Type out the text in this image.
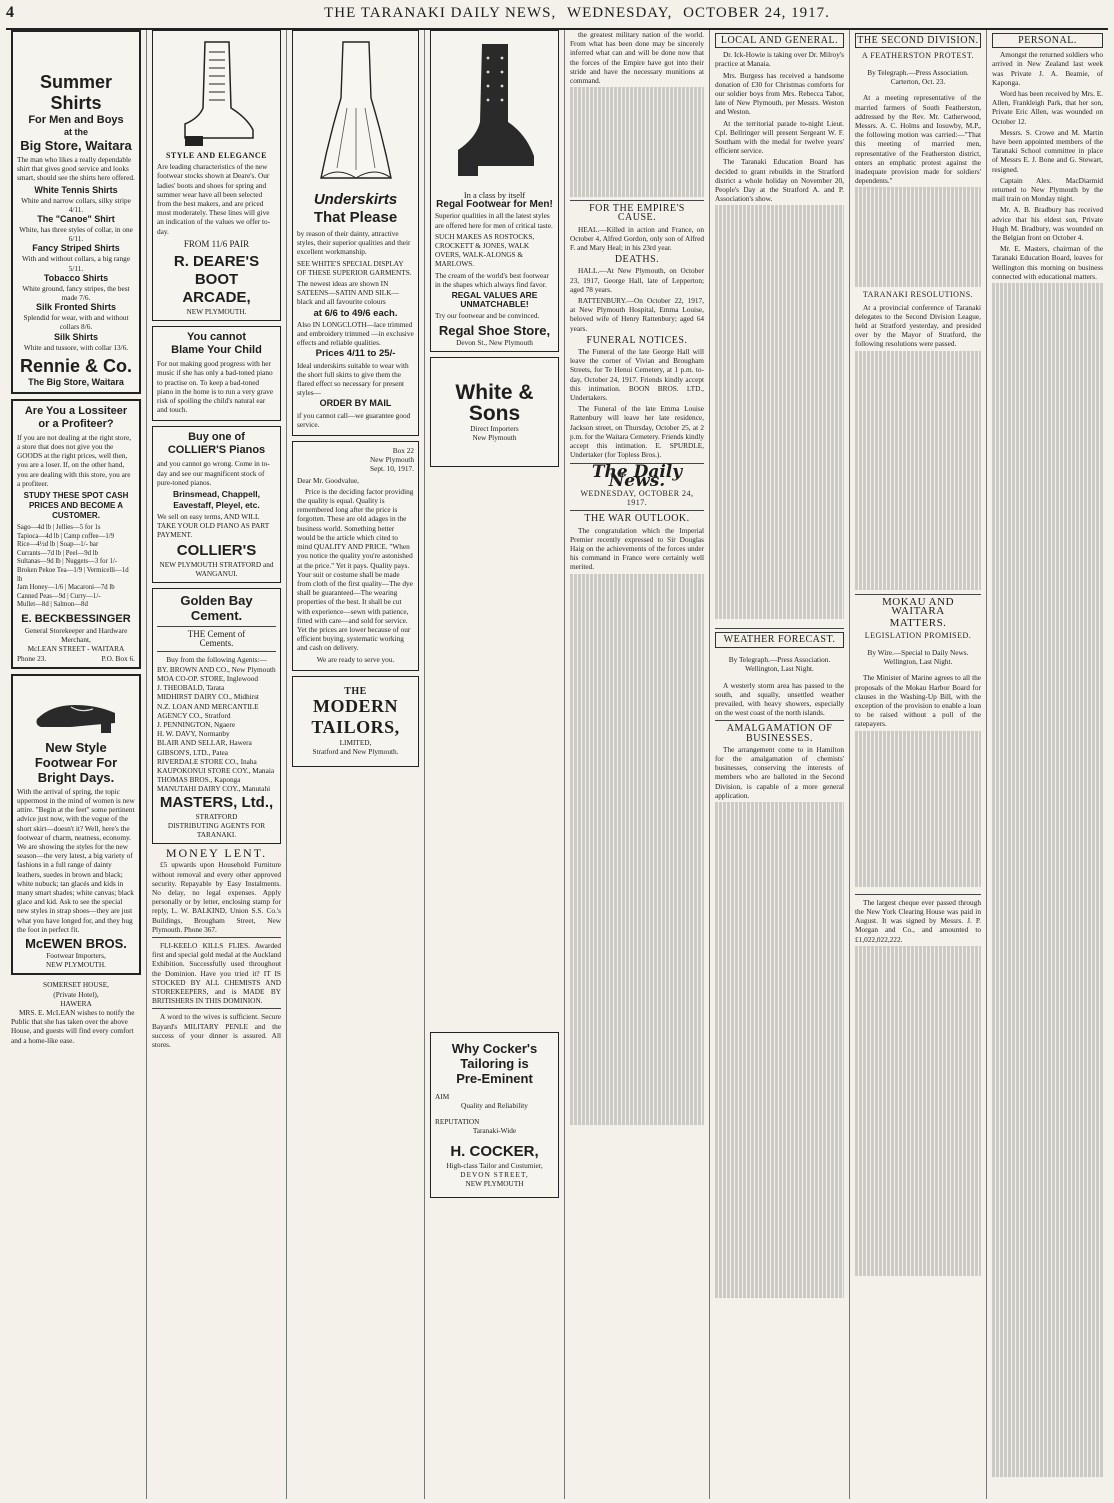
4	THE TARANAKI DAILY NEWS, WEDNESDAY, OCTOBER 24, 1917.
Summer Shirts
For Men and Boys
at the
Big Store, Waitara

The man who likes a really dependable shirt that gives good service and looks smart, should see the shirts here offered.

White Tennis Shirts
White and narrow collars, silky stripe 4/11.
The "Canoe" Shirt
White, has three styles of collar, in one 6/11.
Fancy Striped Shirts
With and without collars, a big range 5/11.
Tobacco Shirts
White ground, fancy stripes, the best made 7/6.
Silk Fronted Shirts
Splendid for wear, with and without collars 8/6.
Silk Shirts
White and tussore, with collar 13/6.
Rennie & Co.
The Big Store, Waitara
Are You a Lossiteer
or a Profiteer?

If you are not dealing at the right store, a store that does not give you the GOODS at the right prices, well then, you are a loser. If, on the other hand, you are dealing with this store, you are a profiteer.

STUDY THESE SPOT CASH PRICES AND BECOME A CUSTOMER.
Sago—4d lb | Jellies—5 for 1s
Tapioca—4d lb | Camp coffee—1/9
Rice—4½d lb | Soap—1/- bar
Currants—7d lb | Peel—9d lb
Sultanas—9d lb | Nuggets—3 for 1/-
Broken Pekoe Tea—1/9 | Vermicelli—1d lb
Jam Honey—1/6 | Macaroni—7d lb
Canned Peas—9d | Curry—1/-
Mullet—8d | Salmon—8d
E. BECKBESSINGER
General Storekeeper and Hardware Merchant,
McLEAN STREET - WAITARA
Phone 23.	P.O. Box 6.
New Style Footwear For Bright Days.

With the arrival of spring, the topic uppermost in the mind of women is new attire. "Begin at the feet" some pertinent advice just now, with the vogue of the short skirt—doesn't it? Well, here's the footwear of charm, neatness, economy. We are showing the styles for the new season—the very latest, a big variety of fashions in a full range of dainty leathers, suedes in brown and black; white nubuck; tan glacés and kids in many smart shades; white canvas; black glace and kid. Ask to see the special new styles in strap shoes—they are just what you have longed for, and they hug the foot in perfect fit.

McEWEN BROS.
Footwear Importers,
NEW PLYMOUTH.
SOMERSET HOUSE,
(Private Hotel),
HAWERA

MRS. E. McLEAN wishes to notify the Public that she has taken over the above House, and guests will find every comfort and a home-like ease.

STYLE AND ELEGANCE

Are leading characteristics of the new footwear stocks shown at Deare's. Our ladies' boots and shoes for spring and summer wear have all been selected from the best makers, and are priced most moderately. These lines will give an indication of the values we offer to-day.

FROM 11/6 PAIR
R. DEARE'S
BOOT
ARCADE,
NEW PLYMOUTH.
You cannot
Blame Your Child

For not making good progress with her music if she has only a bad-toned piano to practise on. To keep a bad-toned piano in the home is to run a very grave risk of spoiling the child's natural ear and touch.

Buy one of
COLLIER'S Pianos

and you cannot go wrong. Come in to-day and see our magnificent stock of pure-toned pianos.

Brinsmead, Chappell, Eavestaff, Pleyel, etc.

We sell on easy terms, AND WILL TAKE YOUR OLD PIANO AS PART PAYMENT.

COLLIER'S
NEW PLYMOUTH STRATFORD and WANGANUI.
Golden Bay
Cement.
THE Cement of
Cements.
Buy from the following Agents:—
BY. BROWN AND CO., New Plymouth
MOA CO-OP. STORE, Inglewood
J. THEOBALD, Tarata
MIDHIRST DAIRY CO., Midhirst
N.Z. LOAN AND MERCANTILE AGENCY CO., Stratford
J. PENNINGTON, Ngaere
H. W. DAVY, Normanby
BLAIR AND SELLAR, Hawera
GIBSON'S, LTD., Patea
RIVERDALE STORE CO., Inaha
KAUPOKONUI STORE COY., Manaia
THOMAS BROS., Kaponga
MANUTAHI DAIRY COY., Manutahi
MASTERS, Ltd.,
STRATFORD
DISTRIBUTING AGENTS FOR TARANAKI.
MONEY LENT.

£5 upwards upon Household Furniture without removal and every other approved security. Repayable by Easy Instalments. No delay, no legal expenses. Apply personally or by letter, enclosing stamp for reply, L. W. BALKIND, Union S.S. Co.'s Buildings, Brougham Street, New Plymouth. Phone 367.

FLI-KEELO KILLS FLIES. Awarded first and special gold medal at the Auckland Exhibition. Successfully used throughout the Dominion. Have you tried it? IT IS STOCKED BY ALL CHEMISTS AND STOREKEEPERS, and is MADE BY BRITISHERS IN THIS DOMINION.

A word to the wives is sufficient. Secure Bayard's MILITARY PENLE and the success of your dinner is assured. All stores.

Underskirts
That Please

by reason of their dainty, attractive styles, their superior qualities and their excellent workmanship.

SEE WHITE'S SPECIAL DISPLAY OF THESE SUPERIOR GARMENTS.

The newest ideas are shown IN SATEENS—SATIN AND SILK—black and all favourite colours

at 6/6 to 49/6 each.

Also IN LONGCLOTH—lace trimmed and embroidery trimmed —in exclusive effects and reliable qualities.

Prices 4/11 to 25/-

Ideal underskirts suitable to wear with the short full skirts to give them the flared effect so necessary for present styles—

ORDER BY MAIL

if you cannot call—we guarantee good service.

Box 22
New Plymouth
Sept. 10, 1917.

Dear Mr. Goodvalue,

Price is the deciding factor providing the quality is equal. Quality is remembered long after the price is forgotten. These are old adages in the business world. Something better would be the article which cited to mind QUALITY AND PRICE. "When you notice the quality you're astonished at the price." Yet it pays. Quality pays. Your suit or costume shall be made from cloth of the first quality—The dye shall be guaranteed—The wearing properties of the best. It shall be cut with experience—sewn with patience, fitted with care—and sold for service. Yet the prices are lower because of our efficient buying, systematic working and cash on delivery.

We are ready to serve you.

THE
MODERN
TAILORS,
LIMITED,
Stratford and New Plymouth.
In a class by itself
Regal Footwear for Men!

Superior qualities in all the latest styles are offered here for men of critical taste.

SUCH MAKES AS ROSTOCKS, CROCKETT & JONES, WALK OVERS, WALK-ALONGS & MARLOWS.

The cream of the world's best footwear in the shapes which always find favor.

REGAL VALUES ARE UNMATCHABLE!

Try our footwear and be convinced.

Regal Shoe Store,
Devon St., New Plymouth
White & Sons
Direct Importers
New Plymouth
Why Cocker's
Tailoring is
Pre-Eminent
AIM
Quality and Reliability
REPUTATION
Taranaki-Wide
H. COCKER,
High-class Tailor and Costumier,
DEVON STREET,
NEW PLYMOUTH

the greatest military nation of the world. From what has been done may be sincerely inferred what can and will be done now that the forces of the Empire have got into their stride and have the necessary munitions at command.

FOR THE EMPIRE'S CAUSE.

HEAL.—Killed in action and France, on October 4, Alfred Gordon, only son of Alfred F. and Mary Heal; in his 23rd year.

DEATHS.

HALL.—At New Plymouth, on October 23, 1917, George Hall, late of Lepperton; aged 78 years.

RATTENBURY.—On October 22, 1917, at New Plymouth Hospital, Emma Louise, beloved wife of Henry Rattenbury; aged 64 years.

FUNERAL NOTICES.

The Funeral of the late George Hall will leave the corner of Vivian and Brougham Streets, for Te Henui Cemetery, at 1 p.m. to-day, October 24, 1917. Friends kindly accept this intimation. BOON BROS. LTD., Undertakers.

The Funeral of the late Emma Louise Rattenbury will leave her late residence, Jackson street, on Thursday, October 25, at 2 p.m. for the Waitara Cemetery. Friends kindly accept this intimation. E. SPURDLE, Undertaker (for Topless Bros.).

The Daily News.
WEDNESDAY, OCTOBER 24, 1917.
THE WAR OUTLOOK.

The congratulation which the Imperial Premier recently expressed to Sir Douglas Haig on the achievements of the forces under his command in France were certainly well merited.

LOCAL AND GENERAL.

Dr. Ick-Howie is taking over Dr. Milroy's practice at Manaia.

Mrs. Burgess has received a handsome donation of £30 for Christmas comforts for our soldier boys from Mrs. Rebecca Tabor, late of New Plymouth, per Messrs. Weston and Weston.

At the territorial parade to-night Lieut. Cpl. Bellringer will present Sergeant W. F. Southam with the medal for twelve years' efficient service.

The Taranaki Education Board has decided to grant rebuilds in the Stratford district a whole holiday on November 20, People's Day at the Stratford A. and P. Association's show.

WEATHER FORECAST.

By Telegraph.—Press Association. Wellington, Last Night.

A westerly storm area has passed to the south, and squally, unsettled weather prevailed, with heavy showers, especially on the west coast of the north islands.

AMALGAMATION OF BUSINESSES.

The arrangement come to in Hamilton for the amalgamation of chemists' businesses, conserving the interests of members who are balloted in the Second Division, is capable of a more general application.

THE SECOND DIVISION.
A FEATHERSTON PROTEST.

By Telegraph.—Press Association. Carterton, Oct. 23.

At a meeting representative of the married farmers of South Featherston, addressed by the Rev. Mr. Catherwood, Messrs. A. C. Holms and Iosuwby, M.P., the following motion was carried:—"That this meeting of married men, representative of the Featherston district, enters an emphatic protest against the inadequate provision made for soldiers' dependents."

TARANAKI RESOLUTIONS.

At a provincial conference of Taranaki delegates to the Second Division League, held at Stratford yesterday, and presided over by the Mayor of Stratford, the following resolutions were passed.

MOKAU AND WAITARA
MATTERS.
LEGISLATION PROMISED.

By Wire.—Special to Daily News. Wellington, Last Night.

The Minister of Marine agrees to all the proposals of the Mokau Harbor Board for clauses in the Washing-Up Bill, with the exception of the provision to enable a loan to be raised without a poll of the ratepayers.

The largest cheque ever passed through the New York Clearing House was paid in August. It was signed by Messrs. J. P. Morgan and Co., and amounted to £1,022,022,222.

PERSONAL.

Amongst the returned soldiers who arrived in New Zealand last week was Private J. A. Beamie, of Kaponga.

Word has been received by Mrs. E. Allen, Frankleigh Park, that her son, Private Eric Allen, was wounded on October 12.

Messrs. S. Crowe and M. Martin have been appointed members of the Taranaki School committee in place of Messrs E. J. Bone and G. Stewart, resigned.

Captain Alex. MacDiarmid returned to New Plymouth by the mail train on Monday night.

Mr. A. B. Bradbury has received advice that his eldest son, Private Hugh M. Bradbury, was wounded on the Belgian front on October 4.

Mr. E. Masters, chairman of the Taranaki Education Board, leaves for Wellington this morning on business connected with educational matters.
